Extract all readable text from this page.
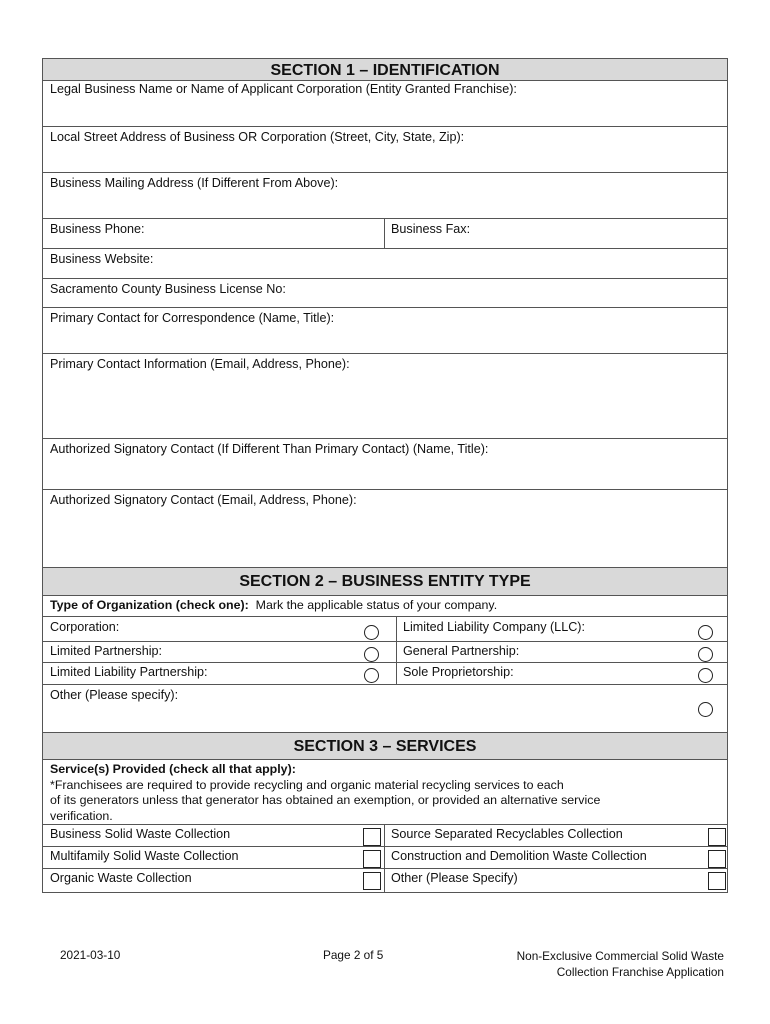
SECTION 1 – IDENTIFICATION
Legal Business Name or Name of Applicant Corporation (Entity Granted Franchise):
Local Street Address of Business OR Corporation (Street, City, State, Zip):
Business Mailing Address (If Different From Above):
Business Phone:	Business Fax:
Business Website:
Sacramento County Business License No:
Primary Contact for Correspondence (Name, Title):
Primary Contact Information (Email, Address, Phone):
Authorized Signatory Contact (If Different Than Primary Contact) (Name, Title):
Authorized Signatory Contact (Email, Address, Phone):
SECTION 2 – BUSINESS ENTITY TYPE
Type of Organization (check one): Mark the applicable status of your company.
Corporation:	Limited Liability Company (LLC):
Limited Partnership:	General Partnership:
Limited Liability Partnership:	Sole Proprietorship:
Other (Please specify):
SECTION 3 – SERVICES
Service(s) Provided (check all that apply):
*Franchisees are required to provide recycling and organic material recycling services to each
of its generators unless that generator has obtained an exemption, or provided an alternative service
verification.
Business Solid Waste Collection	Source Separated Recyclables Collection
Multifamily Solid Waste Collection	Construction and Demolition Waste Collection
Organic Waste Collection	Other (Please Specify)
2021-03-10	Page 2 of 5	Non-Exclusive Commercial Solid Waste
Collection Franchise Application
